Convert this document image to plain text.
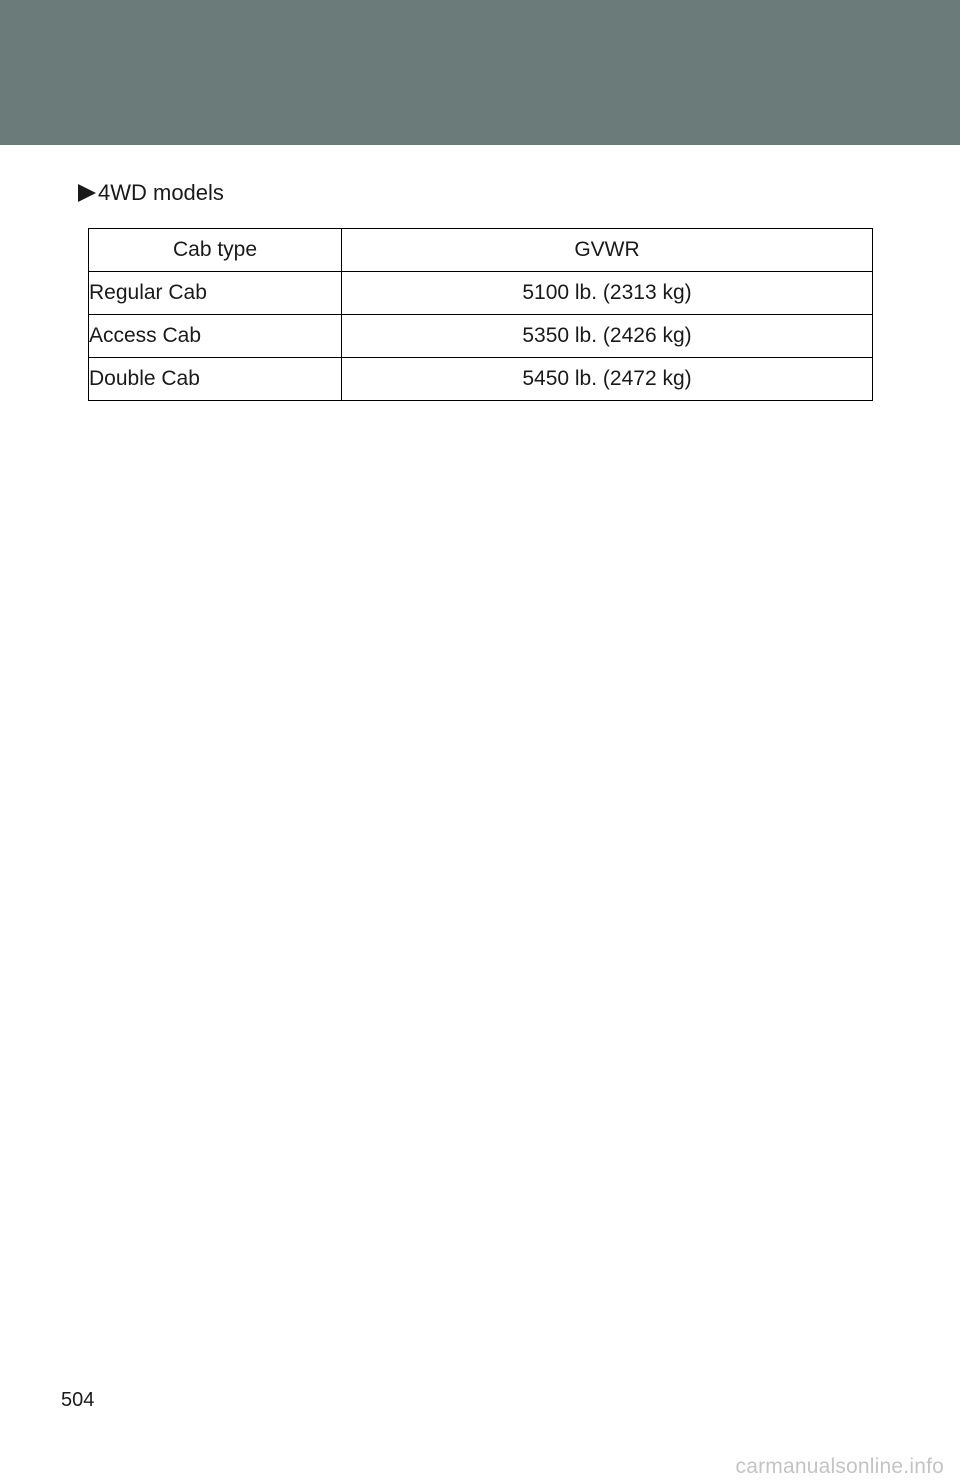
4WD models
Cab type	GVWR
Regular Cab	5100 lb. (2313 kg)
Access Cab	5350 lb. (2426 kg)
Double Cab	5450 lb. (2472 kg)
504
carmanualsonline.info
